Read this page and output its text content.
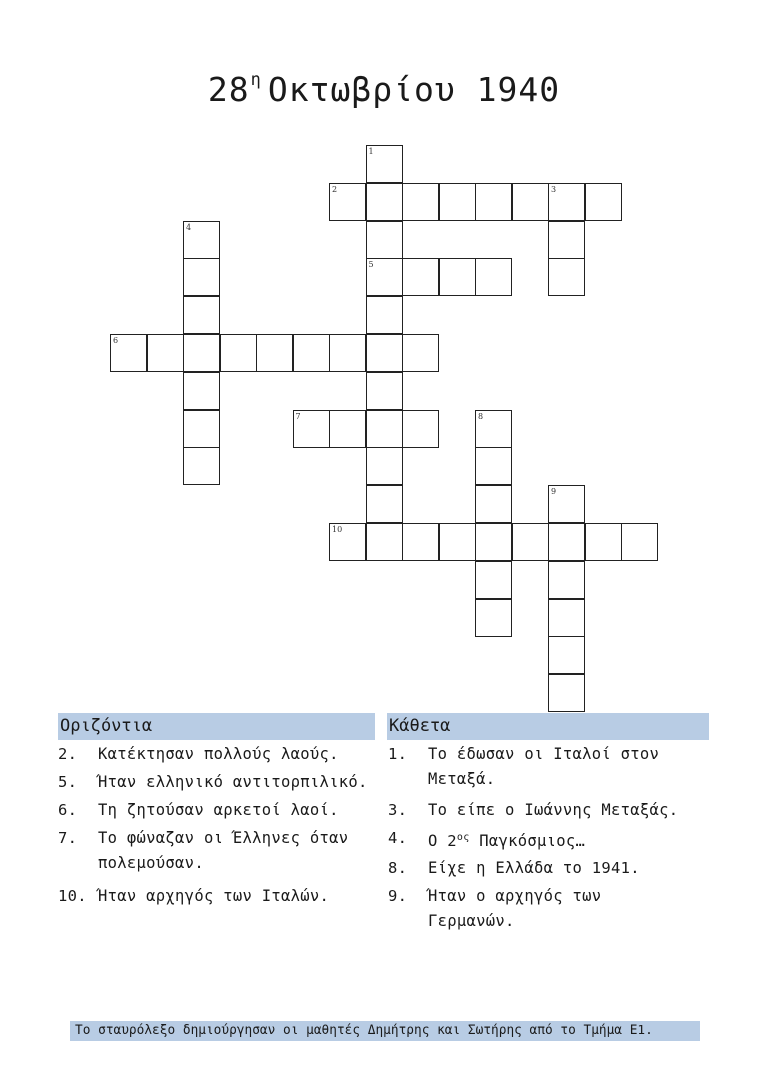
$28^\eta$ Οκτωβρίου 1940
1
2	3
4
5
6
7	8
9
10
Οριζόντια	Κάθετα
2. Κατέκτησαν πολλούς λαούς.
5. Ήταν ελληνικό αντιτορπιλικό.
6. Τη ζητούσαν αρκετοί λαοί.
7. Το φώναζαν οι Έλληνες όταν
πολεμούσαν.
10. Ήταν αρχηγός των Ιταλών.
1. Το έδωσαν οι Ιταλοί στον
Μεταξά.
3. Το είπε ο Ιωάννης Μεταξάς.
4. Ο $2^{o\varsigma}$ Παγκόσμιος…
8. Είχε η Ελλάδα το 1941.
9. Ήταν ο αρχηγός των
Γερμανών.
Το σταυρόλεξο δημιούργησαν οι μαθητές Δημήτρης και Σωτήρης από το Τμήμα Ε1.
